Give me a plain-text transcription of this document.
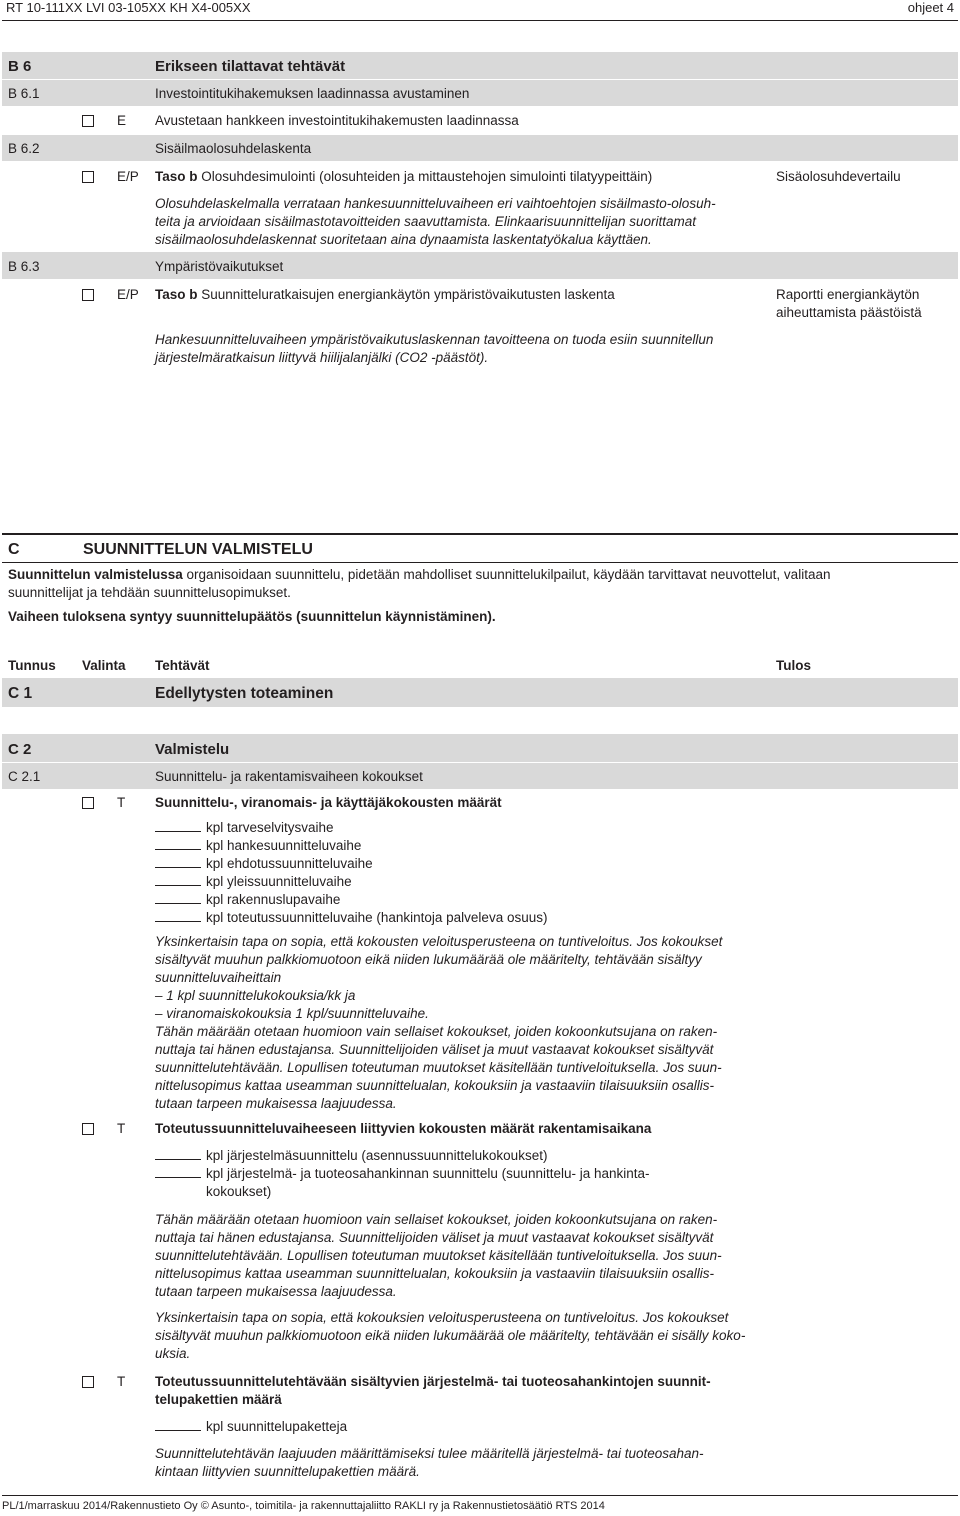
RT 10-111XX LVI 03-105XX KH X4-005XX	ohjeet 4
B 6	Erikseen tilattavat tehtävät
B 6.1	Investointitukihakemuksen laadinnassa avustaminen
E Avustetaan hankkeen investointitukihakemusten laadinnassa
B 6.2	Sisäilmaolosuhdelaskenta
E/P Taso b Olosuhdesimulointi (olosuhteiden ja mittaustehojen simulointi tilatyypeittäin)	Sisäolosuhdevertailu
Olosuhdelaskelmalla verrataan hankesuunnitteluvaiheen eri vaihtoehtojen sisäilmasto-olosuh-
teita ja arvioidaan sisäilmastotavoitteiden saavuttamista. Elinkaarisuunnittelijan suorittamat
sisäilmaolosuhdelaskennat suoritetaan aina dynaamista laskentatyökalua käyttäen.
B 6.3	Ympäristövaikutukset
E/P Taso b Suunnitteluratkaisujen energiankäytön ympäristövaikutusten laskenta	Raportti energiankäytön
aiheuttamista päästöistä
Hankesuunnitteluvaiheen ympäristövaikutuslaskennan tavoitteena on tuoda esiin suunnitellun
järjestelmäratkaisun liittyvä hiilijalanjälki (CO2 -päästöt).
C	SUUNNITTELUN VALMISTELU
Suunnittelun valmistelussa organisoidaan suunnittelu, pidetään mahdolliset suunnittelukilpailut, käydään tarvittavat neuvottelut, valitaan
suunnittelijat ja tehdään suunnittelusopimukset.
Vaiheen tuloksena syntyy suunnittelupäätös (suunnittelun käynnistäminen).
Tunnus Valinta Tehtävät	Tulos
C 1	Edellytysten toteaminen
C 2	Valmistelu
C 2.1	Suunnittelu- ja rakentamisvaiheen kokoukset
T Suunnittelu-, viranomais- ja käyttäjäkokousten määrät
kpl tarveselvitysvaihe
kpl hankesuunnitteluvaihe
kpl ehdotussuunnitteluvaihe
kpl yleissuunnitteluvaihe
kpl rakennuslupavaihe
kpl toteutussuunnitteluvaihe (hankintoja palveleva osuus)
Yksinkertaisin tapa on sopia, että kokousten veloitusperusteena on tuntiveloitus. Jos kokoukset
sisältyvät muuhun palkkiomuotoon eikä niiden lukumäärää ole määritelty, tehtävään sisältyy
suunnitteluvaiheittain
– 1 kpl suunnittelukokouksia/kk ja
– viranomaiskokouksia 1 kpl/suunnitteluvaihe.
Tähän määrään otetaan huomioon vain sellaiset kokoukset, joiden kokoonkutsujana on raken-
nuttaja tai hänen edustajansa. Suunnittelijoiden väliset ja muut vastaavat kokoukset sisältyvät
suunnittelutehtävään. Lopullisen toteutuman muutokset käsitellään tuntiveloituksella. Jos suun-
nittelusopimus kattaa useamman suunnittelualan, kokouksiin ja vastaaviin tilaisuuksiin osallis-
tutaan tarpeen mukaisessa laajuudessa.
T Toteutussuunnitteluvaiheeseen liittyvien kokousten määrät rakentamisaikana
kpl järjestelmäsuunnittelu (asennussuunnittelukokoukset)
kpl järjestelmä- ja tuoteosahankinnan suunnittelu (suunnittelu- ja hankinta-
kokoukset)
Tähän määrään otetaan huomioon vain sellaiset kokoukset, joiden kokoonkutsujana on raken-
nuttaja tai hänen edustajansa. Suunnittelijoiden väliset ja muut vastaavat kokoukset sisältyvät
suunnittelutehtävään. Lopullisen toteutuman muutokset käsitellään tuntiveloituksella. Jos suun-
nittelusopimus kattaa useamman suunnittelualan, kokouksiin ja vastaaviin tilaisuuksiin osallis-
tutaan tarpeen mukaisessa laajuudessa.
Yksinkertaisin tapa on sopia, että kokouksien veloitusperusteena on tuntiveloitus. Jos kokoukset
sisältyvät muuhun palkkiomuotoon eikä niiden lukumäärää ole määritelty, tehtävään ei sisälly koko-
uksia.
T Toteutussuunnittelutehtävään sisältyvien järjestelmä- tai tuoteosahankintojen suunnit-
telupakettien määrä
kpl suunnittelupaketteja
Suunnittelutehtävän laajuuden määrittämiseksi tulee määritellä järjestelmä- tai tuoteosahan-
kintaan liittyvien suunnittelupakettien määrä.
PL/1/marraskuu 2014/Rakennustieto Oy © Asunto-, toimitila- ja rakennuttajaliitto RAKLI ry ja Rakennustietosäätiö RTS 2014
